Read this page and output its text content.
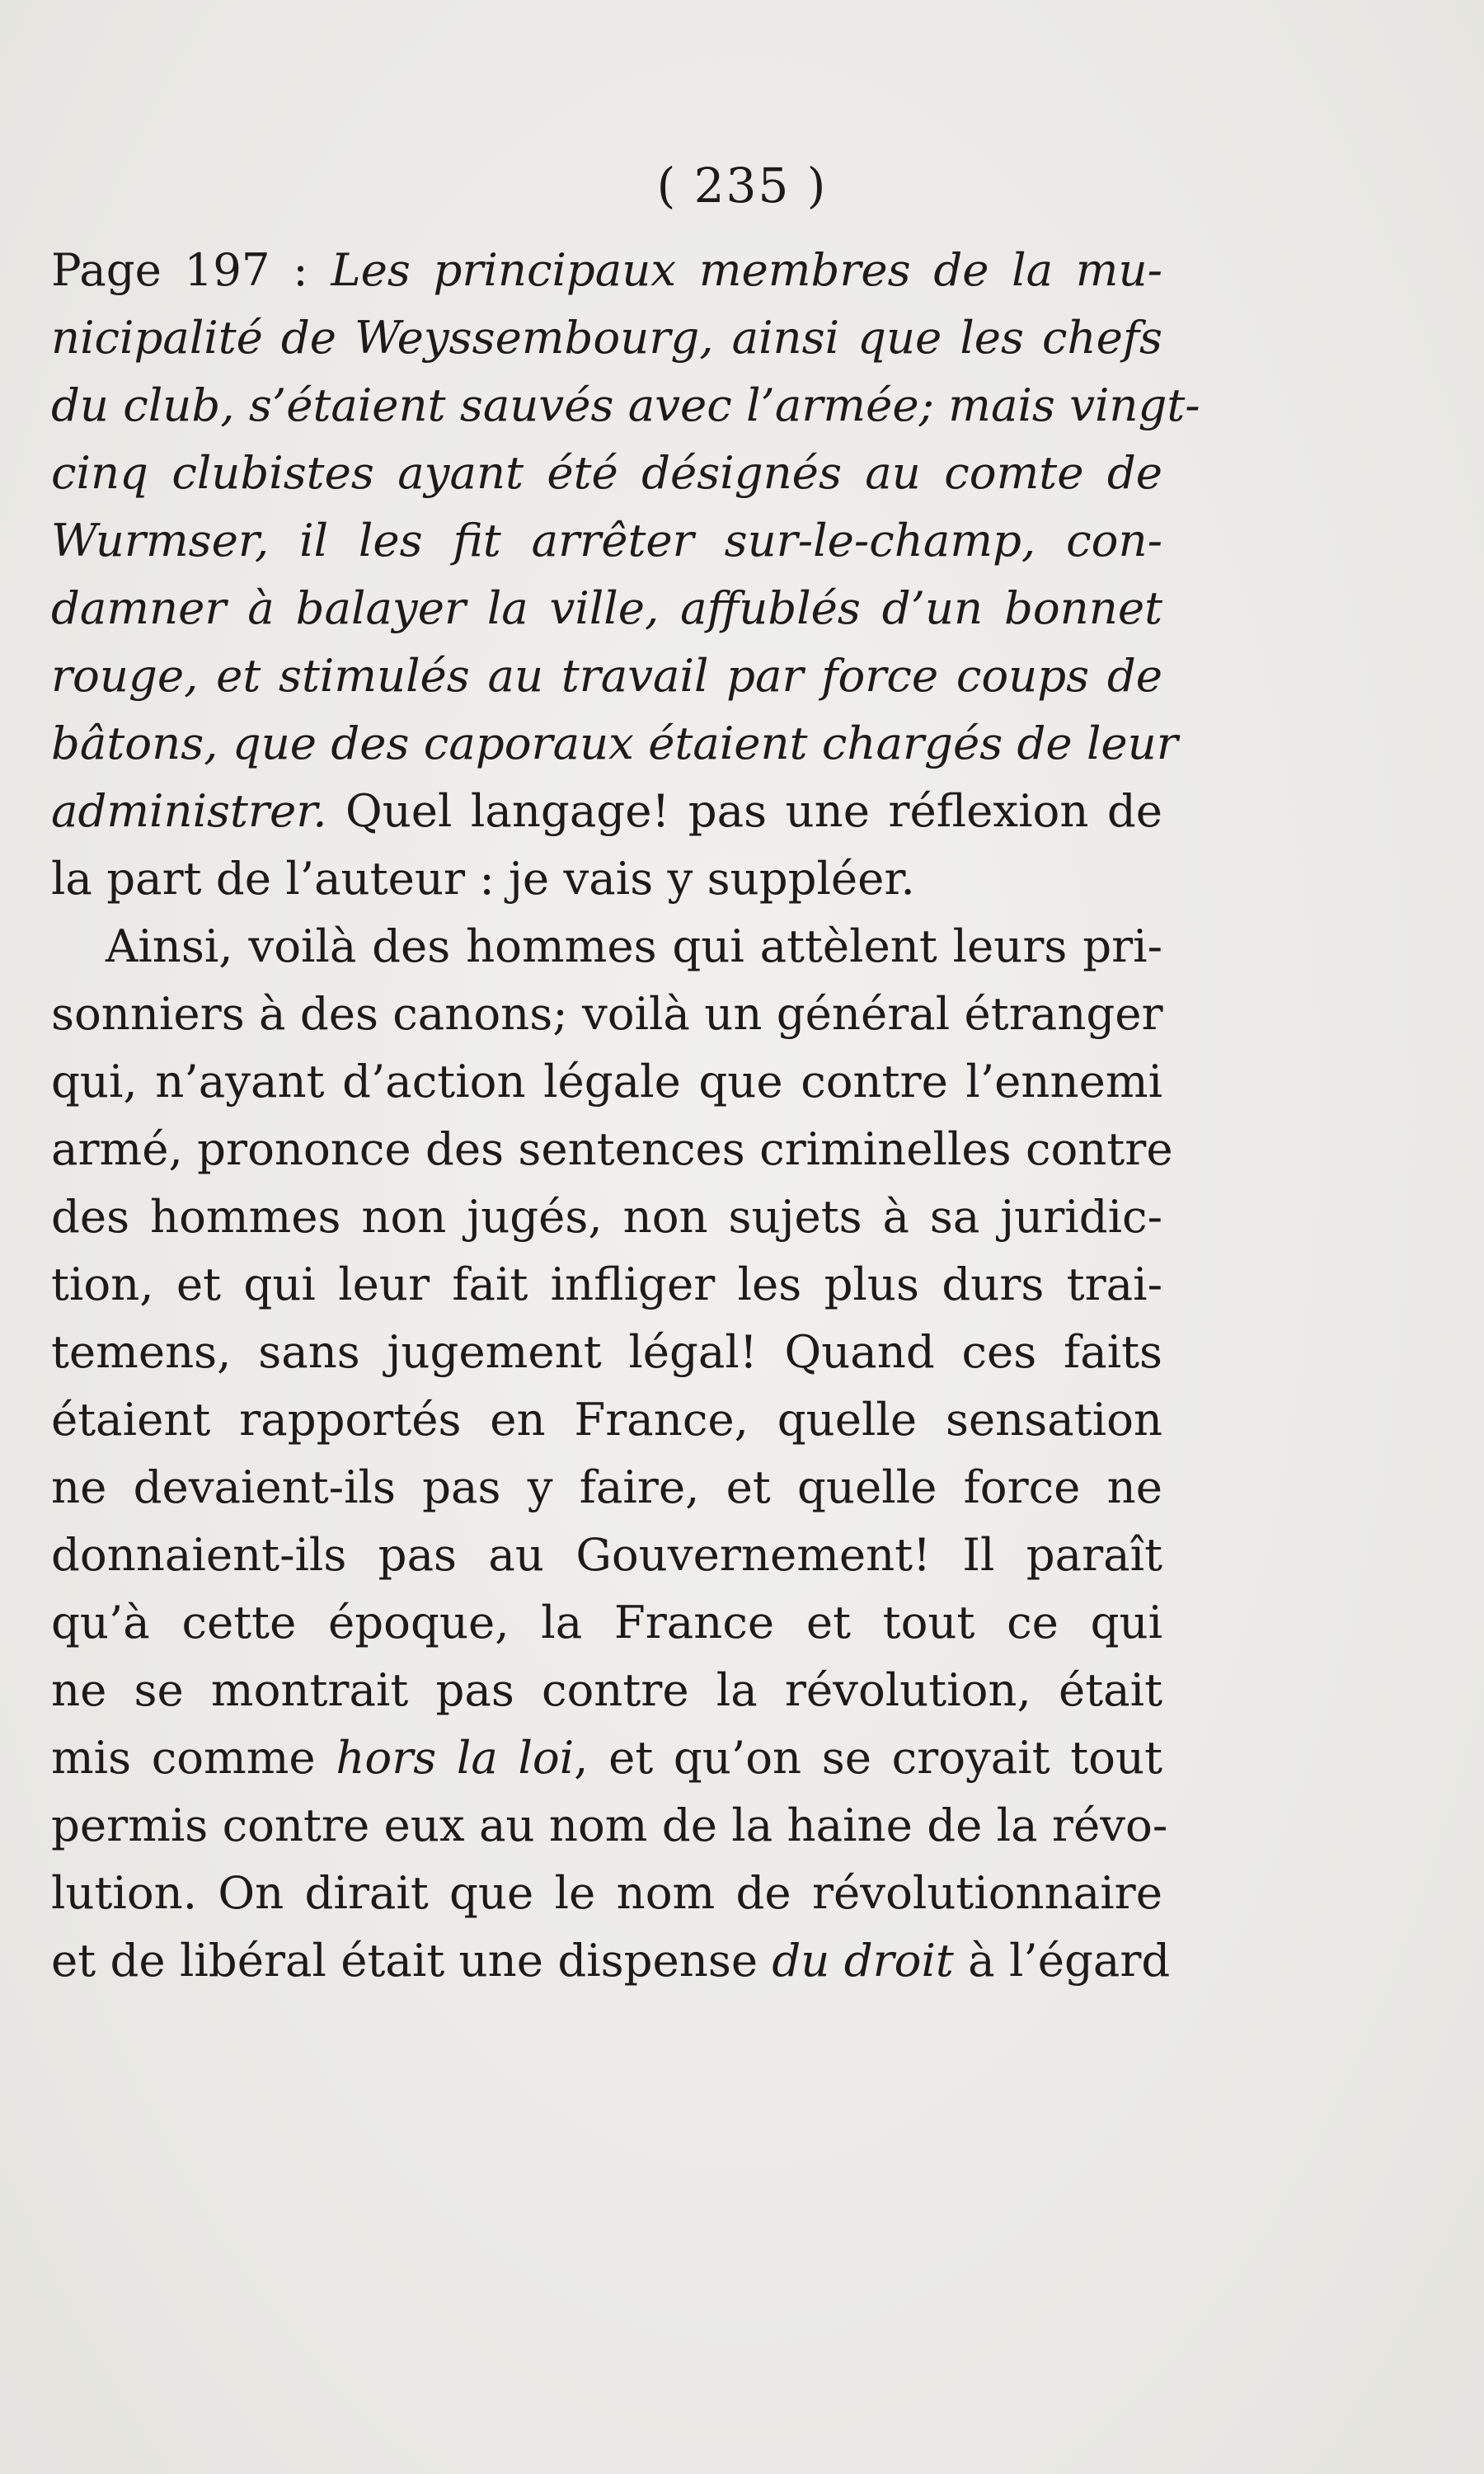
( 235 )
Page 197 : Les principaux membres de la mu-
nicipalité de Weyssembourg, ainsi que les chefs
du club, s’étaient sauvés avec l’armée; mais vingt-
cinq clubistes ayant été désignés au comte de
Wurmser, il les fit arrêter sur-le-champ, con-
damner à balayer la ville, affublés d’un bonnet
rouge, et stimulés au travail par force coups de
bâtons, que des caporaux étaient chargés de leur
administrer. Quel langage! pas une réflexion de
la part de l’auteur : je vais y suppléer.
Ainsi, voilà des hommes qui attèlent leurs pri-
sonniers à des canons; voilà un général étranger
qui, n’ayant d’action légale que contre l’ennemi
armé, prononce des sentences criminelles contre
des hommes non jugés, non sujets à sa juridic-
tion, et qui leur fait infliger les plus durs trai-
temens, sans jugement légal! Quand ces faits
étaient rapportés en France, quelle sensation
ne devaient-ils pas y faire, et quelle force ne
donnaient-ils pas au Gouvernement! Il paraît
qu’à cette époque, la France et tout ce qui
ne se montrait pas contre la révolution, était
mis comme hors la loi, et qu’on se croyait tout
permis contre eux au nom de la haine de la révo-
lution. On dirait que le nom de révolutionnaire
et de libéral était une dispense du droit à l’égard
